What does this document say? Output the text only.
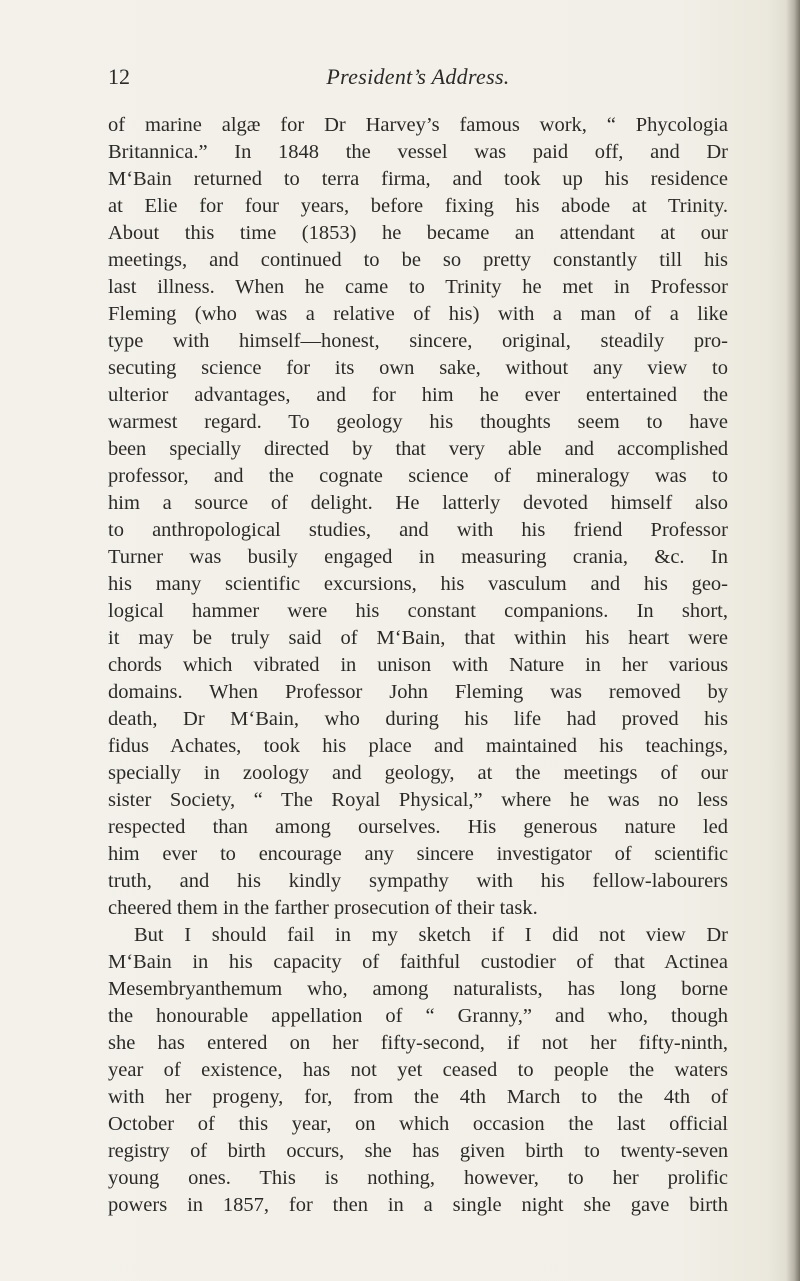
12	President’s Address.
of marine algæ for Dr Harvey’s famous work, “ Phycologia
Britannica.” In 1848 the vessel was paid off, and Dr
M‘Bain returned to terra firma, and took up his residence
at Elie for four years, before fixing his abode at Trinity.
About this time (1853) he became an attendant at our
meetings, and continued to be so pretty constantly till his
last illness. When he came to Trinity he met in Professor
Fleming (who was a relative of his) with a man of a like
type with himself—honest, sincere, original, steadily pro-
secuting science for its own sake, without any view to
ulterior advantages, and for him he ever entertained the
warmest regard. To geology his thoughts seem to have
been specially directed by that very able and accomplished
professor, and the cognate science of mineralogy was to
him a source of delight. He latterly devoted himself also
to anthropological studies, and with his friend Professor
Turner was busily engaged in measuring crania, &c. In
his many scientific excursions, his vasculum and his geo-
logical hammer were his constant companions. In short,
it may be truly said of M‘Bain, that within his heart were
chords which vibrated in unison with Nature in her various
domains. When Professor John Fleming was removed by
death, Dr M‘Bain, who during his life had proved his
fidus Achates, took his place and maintained his teachings,
specially in zoology and geology, at the meetings of our
sister Society, “ The Royal Physical,” where he was no less
respected than among ourselves. His generous nature led
him ever to encourage any sincere investigator of scientific
truth, and his kindly sympathy with his fellow-labourers
cheered them in the farther prosecution of their task.
But I should fail in my sketch if I did not view Dr
M‘Bain in his capacity of faithful custodier of that Actinea
Mesembryanthemum who, among naturalists, has long borne
the honourable appellation of “ Granny,” and who, though
she has entered on her fifty-second, if not her fifty-ninth,
year of existence, has not yet ceased to people the waters
with her progeny, for, from the 4th March to the 4th of
October of this year, on which occasion the last official
registry of birth occurs, she has given birth to twenty-seven
young ones. This is nothing, however, to her prolific
powers in 1857, for then in a single night she gave birth
